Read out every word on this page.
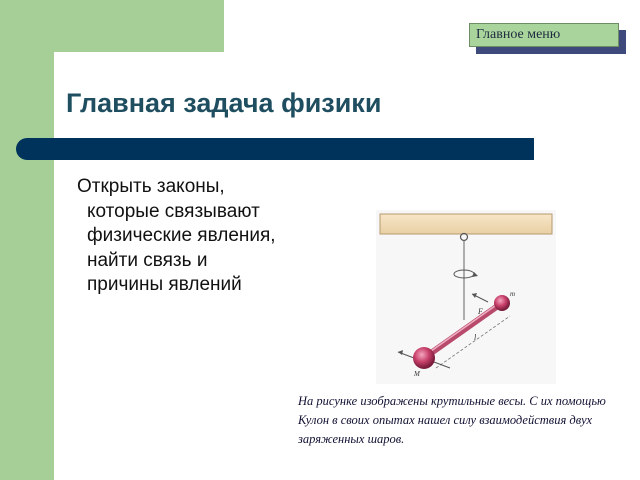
Главное меню
Главная задача физики

Открыть законы, которые связывают физические явления, найти связь и причины явлений	m
F
l
M

На рисунке изображены крутильные весы. С их помощью Кулон в своих опытах нашел силу взаимодействия двух заряженных шаров.
